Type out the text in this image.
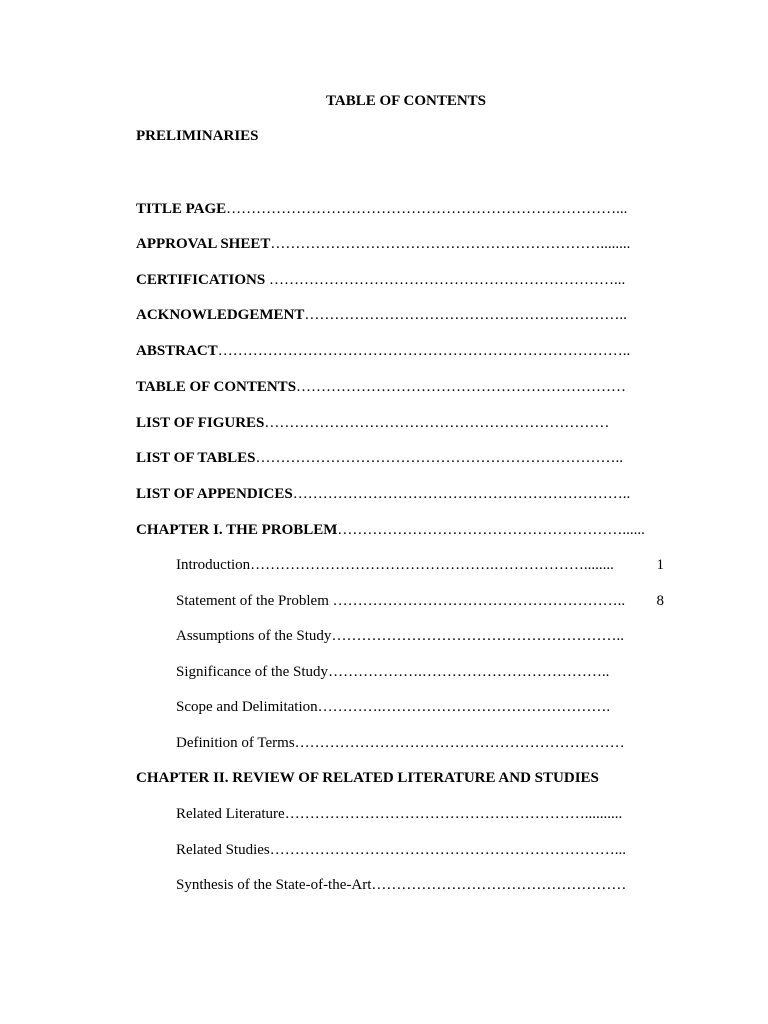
TABLE OF CONTENTS
PRELIMINARIES
TITLE PAGE……………………………………………………………………...
APPROVAL SHEET…………………………………………………………........
CERTIFICATIONS ……………………………………………………………...
ACKNOWLEDGEMENT………………………………………………………..
ABSTRACT………………………………………………………………………..
TABLE OF CONTENTS…………………………………………………………
LIST OF FIGURES……………………………………………………………
LIST OF TABLES………………………………………………………………..
LIST OF APPENDICES…………………………………………………………..
CHAPTER I. THE PROBLEM…………………………………………………......
Introduction………………………………………….………………........	1
Statement of the Problem …………………………………………………..	8
Assumptions of the Study…………………………………………………..
Significance of the Study……………….………………………………..
Scope and Delimitation………….……………………………………….
Definition of Terms…………………………………………………………
CHAPTER II. REVIEW OF RELATED LITERATURE AND STUDIES
Related Literature……………………………………………………..........
Related Studies……………………………………………………………...
Synthesis of the State-of-the-Art……………………………………………
